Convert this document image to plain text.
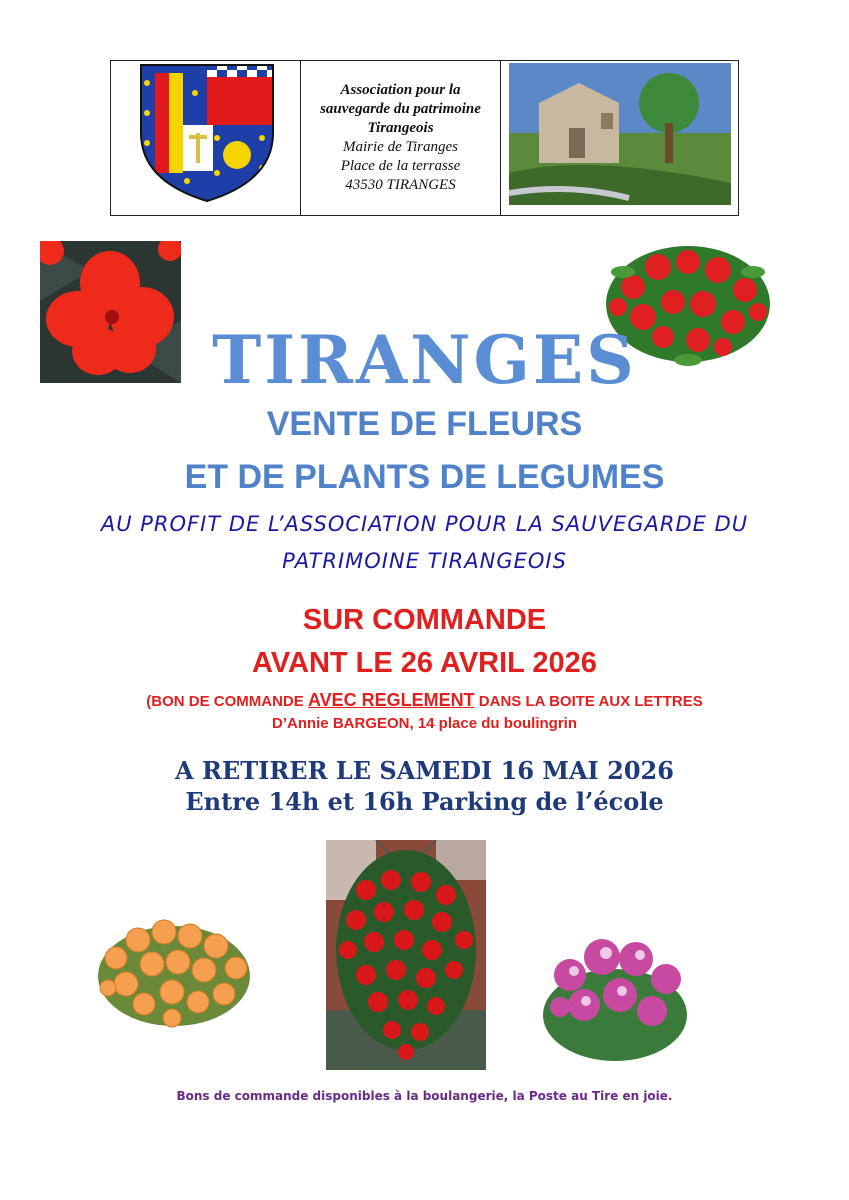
Association pour la
sauvegarde du patrimoine
Tirangeois
Mairie de Tiranges
Place de la terrasse
43530 TIRANGES
TIRANGES
VENTE DE FLEURS
ET DE PLANTS DE LEGUMES
AU PROFIT DE L’ASSOCIATION POUR LA SAUVEGARDE DU
PATRIMOINE TIRANGEOIS
SUR COMMANDE
AVANT LE 26 AVRIL 2026
(BON DE COMMANDE AVEC REGLEMENT DANS LA BOITE AUX LETTRES
D’Annie BARGEON, 14 place du boulingrin
A RETIRER LE SAMEDI 16 MAI 2026
Entre 14h et 16h Parking de l’école
Bons de commande disponibles à la boulangerie, la Poste au Tire en joie.
